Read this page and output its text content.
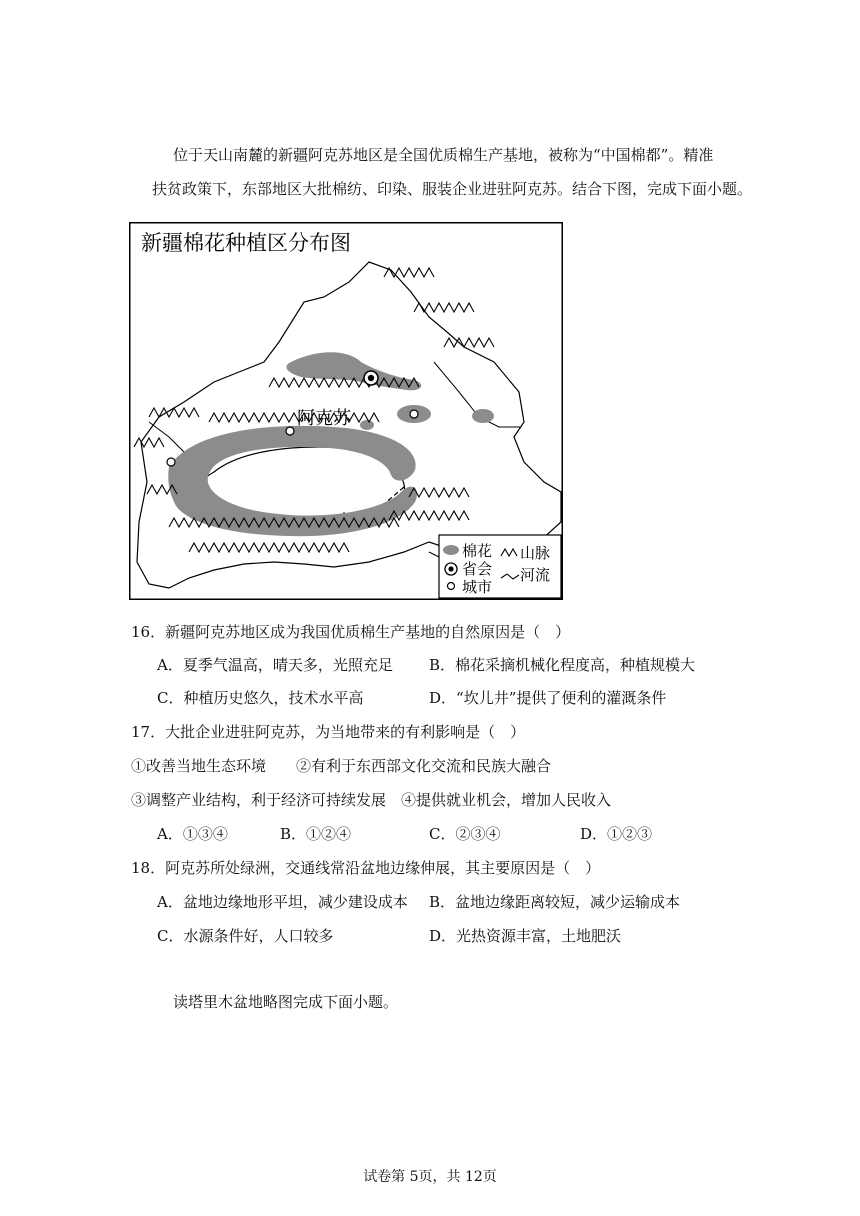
位于天山南麓的新疆阿克苏地区是全国优质棉生产基地，被称为“中国棉都”。精准
扶贫政策下，东部地区大批棉纺、印染、服装企业进驻阿克苏。结合下图，完成下面小题。
新疆棉花种植区分布图
阿克苏
棉花
省会
城市
山脉
河流
16．新疆阿克苏地区成为我国优质棉生产基地的自然原因是（　）
A．夏季气温高，晴天多，光照充足 B．棉花采摘机械化程度高，种植规模大
C．种植历史悠久，技术水平高	D．“坎儿井”提供了便利的灌溉条件
17．大批企业进驻阿克苏，为当地带来的有利影响是（　）
①改善当地生态环境　　②有利于东西部文化交流和民族大融合
③调整产业结构，利于经济可持续发展　④提供就业机会，增加人民收入
A．①③④	B．①②④	C．②③④	D．①②③
18．阿克苏所处绿洲，交通线常沿盆地边缘伸展，其主要原因是（　）
A．盆地边缘地形平坦，减少建设成本 B．盆地边缘距离较短，减少运输成本
C．水源条件好，人口较多	D．光热资源丰富，土地肥沃
读塔里木盆地略图完成下面小题。
试卷第 5页，共 12页
